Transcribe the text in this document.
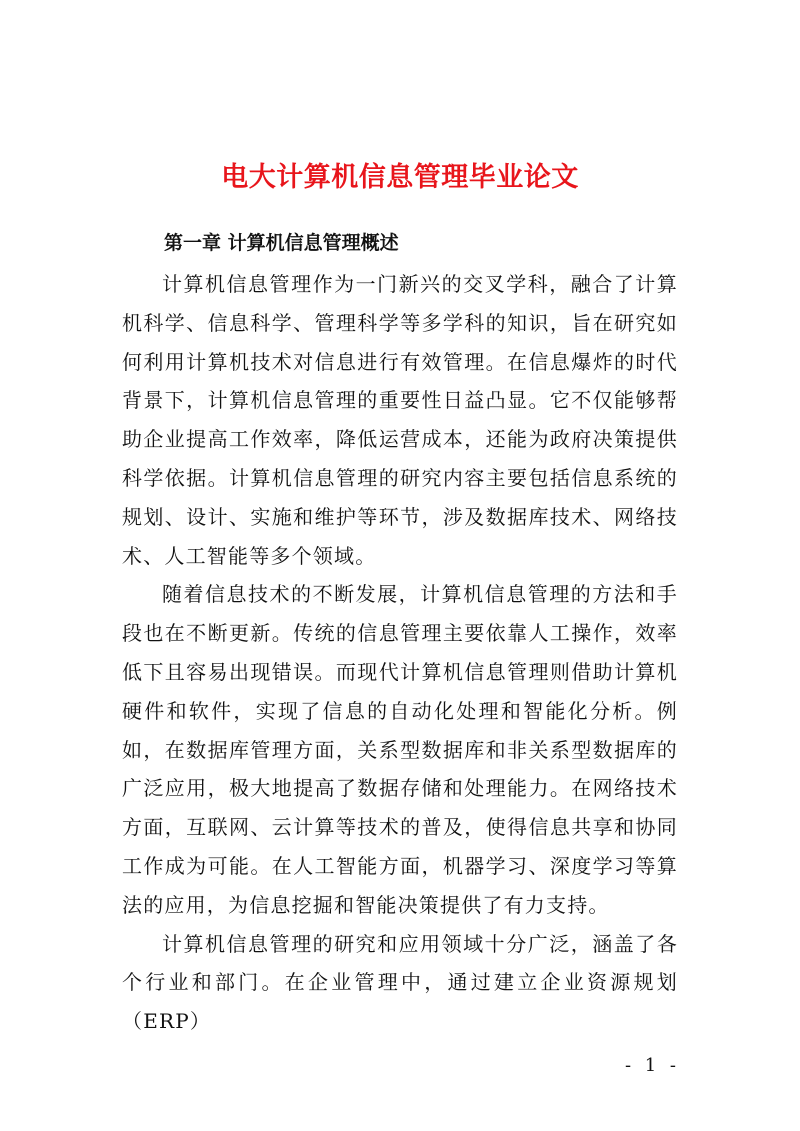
电大计算机信息管理毕业论文
第一章 计算机信息管理概述

计算机信息管理作为一门新兴的交叉学科，融合了计算机科学、信息科学、管理科学等多学科的知识，旨在研究如何利用计算机技术对信息进行有效管理。在信息爆炸的时代背景下，计算机信息管理的重要性日益凸显。它不仅能够帮助企业提高工作效率，降低运营成本，还能为政府决策提供科学依据。计算机信息管理的研究内容主要包括信息系统的规划、设计、实施和维护等环节，涉及数据库技术、网络技术、人工智能等多个领域。

随着信息技术的不断发展，计算机信息管理的方法和手段也在不断更新。传统的信息管理主要依靠人工操作，效率低下且容易出现错误。而现代计算机信息管理则借助计算机硬件和软件，实现了信息的自动化处理和智能化分析。例如，在数据库管理方面，关系型数据库和非关系型数据库的广泛应用，极大地提高了数据存储和处理能力。在网络技术方面，互联网、云计算等技术的普及，使得信息共享和协同工作成为可能。在人工智能方面，机器学习、深度学习等算法的应用，为信息挖掘和智能决策提供了有力支持。

计算机信息管理的研究和应用领域十分广泛，涵盖了各个行业和部门。在企业管理中，通过建立企业资源规划（ERP）

- 1 -
